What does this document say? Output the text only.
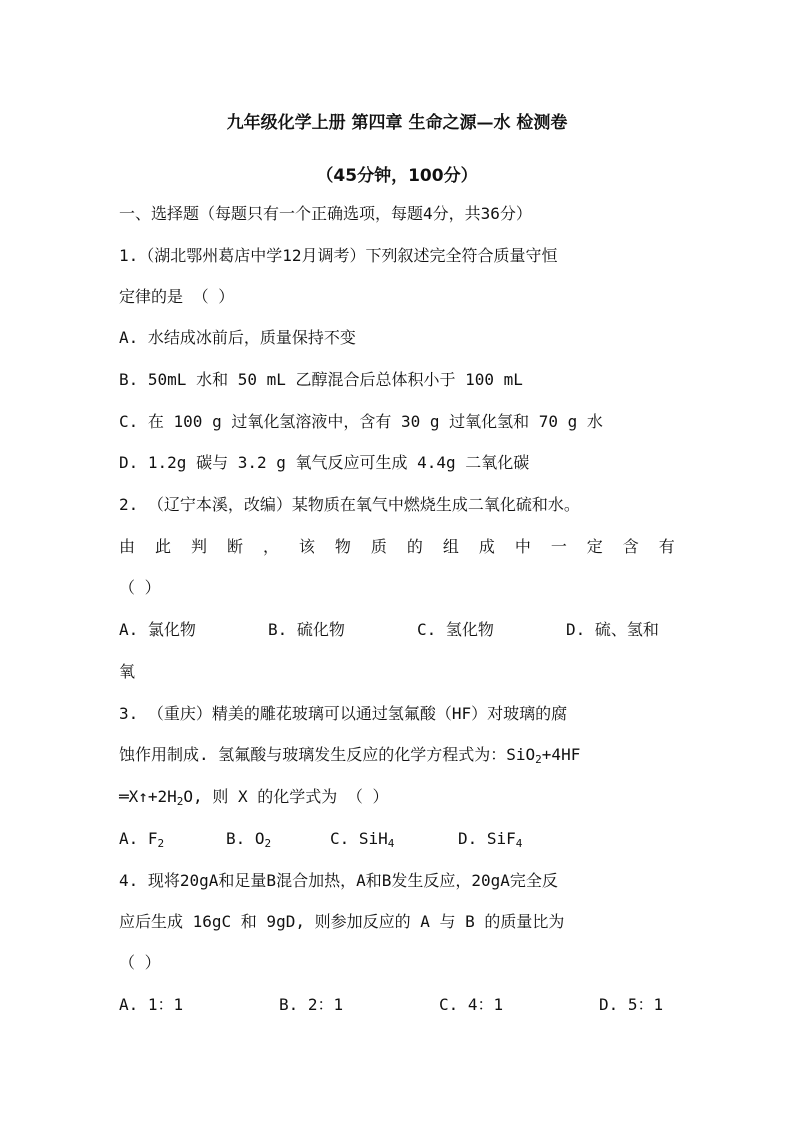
九年级化学上册 第四章 生命之源—水 检测卷
（45分钟，100分）
一、选择题（每题只有一个正确选项，每题4分，共36分）
1.（湖北鄂州葛店中学12月调考）下列叙述完全符合质量守恒
定律的是 （ ）
A. 水结成冰前后，质量保持不变
B. 50mL 水和 50 mL 乙醇混合后总体积小于 100 mL
C. 在 100 g 过氧化氢溶液中，含有 30 g 过氧化氢和 70 g 水
D. 1.2g 碳与 3.2 g 氧气反应可生成 4.4g 二氧化碳
2. （辽宁本溪，改编）某物质在氧气中燃烧生成二氧化硫和水。
由 此 判 断 ， 该 物 质 的 组 成 中 一 定 含 有
（ ）
A. 氯化物	B. 硫化物	C. 氢化物	D. 硫、氢和
氧
3. （重庆）精美的雕花玻璃可以通过氢氟酸（HF）对玻璃的腐
蚀作用制成. 氢氟酸与玻璃发生反应的化学方程式为：SiO$_2$+4HF
$═X↑+2H_2O$, 则 X 的化学式为 （ ）
A. $F_2$	B. $O_2$	C. SiH$_4$	D. SiF$_4$
4. 现将20gA和足量B混合加热，A和B发生反应，20gA完全反
应后生成 16gC 和 9gD, 则参加反应的 A 与 B 的质量比为
（ ）
A. 1：1	B. 2：1	C. 4：1	D. 5：1
